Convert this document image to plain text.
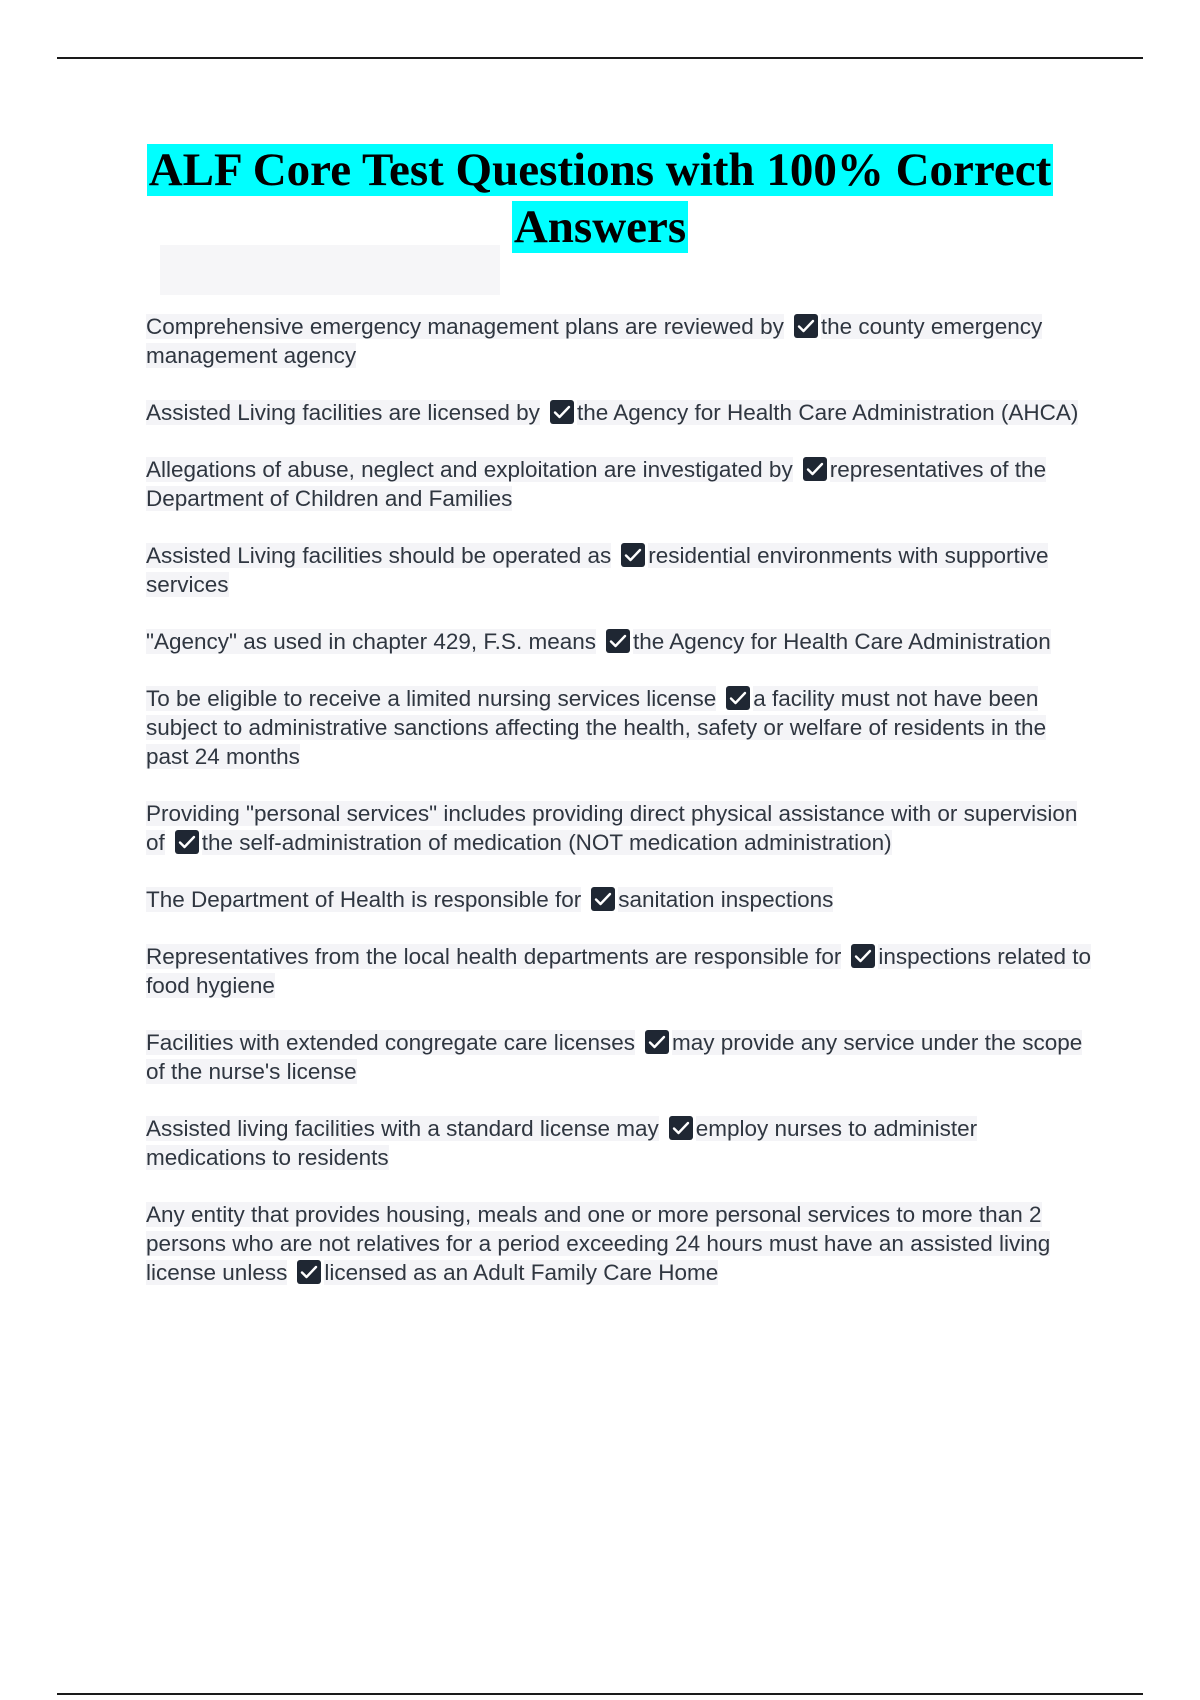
ALF Core Test Questions with 100% Correct
Answers
Comprehensive emergency management plans are reviewed by the county emergency management agency
Assisted Living facilities are licensed by the Agency for Health Care Administration (AHCA)
Allegations of abuse, neglect and exploitation are investigated by representatives of the Department of Children and Families
Assisted Living facilities should be operated as residential environments with supportive services
"Agency" as used in chapter 429, F.S. means the Agency for Health Care Administration
To be eligible to receive a limited nursing services license a facility must not have been subject to administrative sanctions affecting the health, safety or welfare of residents in the past 24 months
Providing "personal services" includes providing direct physical assistance with or supervision of the self-administration of medication (NOT medication administration)
The Department of Health is responsible for sanitation inspections
Representatives from the local health departments are responsible for inspections related to food hygiene
Facilities with extended congregate care licenses may provide any service under the scope of the nurse's license
Assisted living facilities with a standard license may employ nurses to administer medications to residents
Any entity that provides housing, meals and one or more personal services to more than 2 persons who are not relatives for a period exceeding 24 hours must have an assisted living license unless licensed as an Adult Family Care Home
